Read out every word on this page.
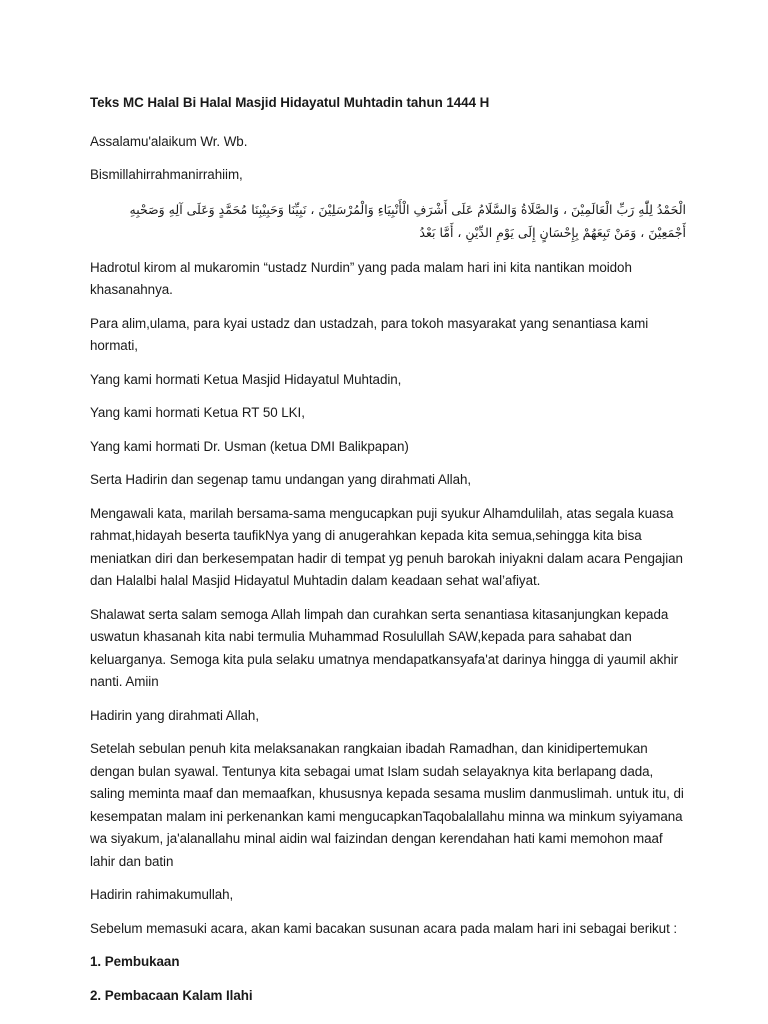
Teks MC Halal Bi Halal Masjid Hidayatul Muhtadin tahun 1444 H

Assalamu'alaikum Wr. Wb.

Bismillahirrahmanirrahiim,

الْحَمْدُ لِلّٰهِ رَبِّ الْعَالَمِيْنَ ، وَالصَّلَاةُ وَالسَّلَامُ عَلَى أَشْرَفِ الْأَنْبِيَاءِ وَالْمُرْسَلِيْنَ ، نَبِيِّنَا وَحَبِيْبِنَا مُحَمَّدٍ وَعَلَى آلِهِ وَصَحْبِهِ أَجْمَعِيْنَ ، وَمَنْ تَبِعَهُمْ بِإِحْسَانٍ إِلَى يَوْمِ الدِّيْنِ ، أَمَّا بَعْدُ

Hadrotul kirom al mukaromin “ustadz Nurdin” yang pada malam hari ini kita nantikan moidoh khasanahnya.

Para alim,ulama, para kyai ustadz dan ustadzah, para tokoh masyarakat yang senantiasa kami hormati,

Yang kami hormati Ketua Masjid Hidayatul Muhtadin,

Yang kami hormati Ketua RT 50 LKI,

Yang kami hormati Dr. Usman (ketua DMI Balikpapan)

Serta Hadirin dan segenap tamu undangan yang dirahmati Allah,

Mengawali kata, marilah bersama-sama mengucapkan puji syukur Alhamdulilah, atas segala kuasa rahmat,hidayah beserta taufikNya yang di anugerahkan kepada kita semua,sehingga kita bisa meniatkan diri dan berkesempatan hadir di tempat yg penuh barokah iniyakni dalam acara Pengajian dan Halalbi halal Masjid Hidayatul Muhtadin dalam keadaan sehat wal’afiyat.

Shalawat serta salam semoga Allah limpah dan curahkan serta senantiasa kitasanjungkan kepada uswatun khasanah kita nabi termulia Muhammad Rosulullah SAW,kepada para sahabat dan keluarganya. Semoga kita pula selaku umatnya mendapatkansyafa'at darinya hingga di yaumil akhir nanti. Amiin

Hadirin yang dirahmati Allah,

Setelah sebulan penuh kita melaksanakan rangkaian ibadah Ramadhan, dan kinidipertemukan dengan bulan syawal. Tentunya kita sebagai umat Islam sudah selayaknya kita berlapang dada, saling meminta maaf dan memaafkan, khususnya kepada sesama muslim danmuslimah. untuk itu, di kesempatan malam ini perkenankan kami mengucapkanTaqobalallahu minna wa minkum syiyamana wa siyakum, ja'alanallahu minal aidin wal faizindan dengan kerendahan hati kami memohon maaf lahir dan batin

Hadirin rahimakumullah,

Sebelum memasuki acara, akan kami bacakan susunan acara pada malam hari ini sebagai berikut :

1. Pembukaan

2. Pembacaan Kalam Ilahi
